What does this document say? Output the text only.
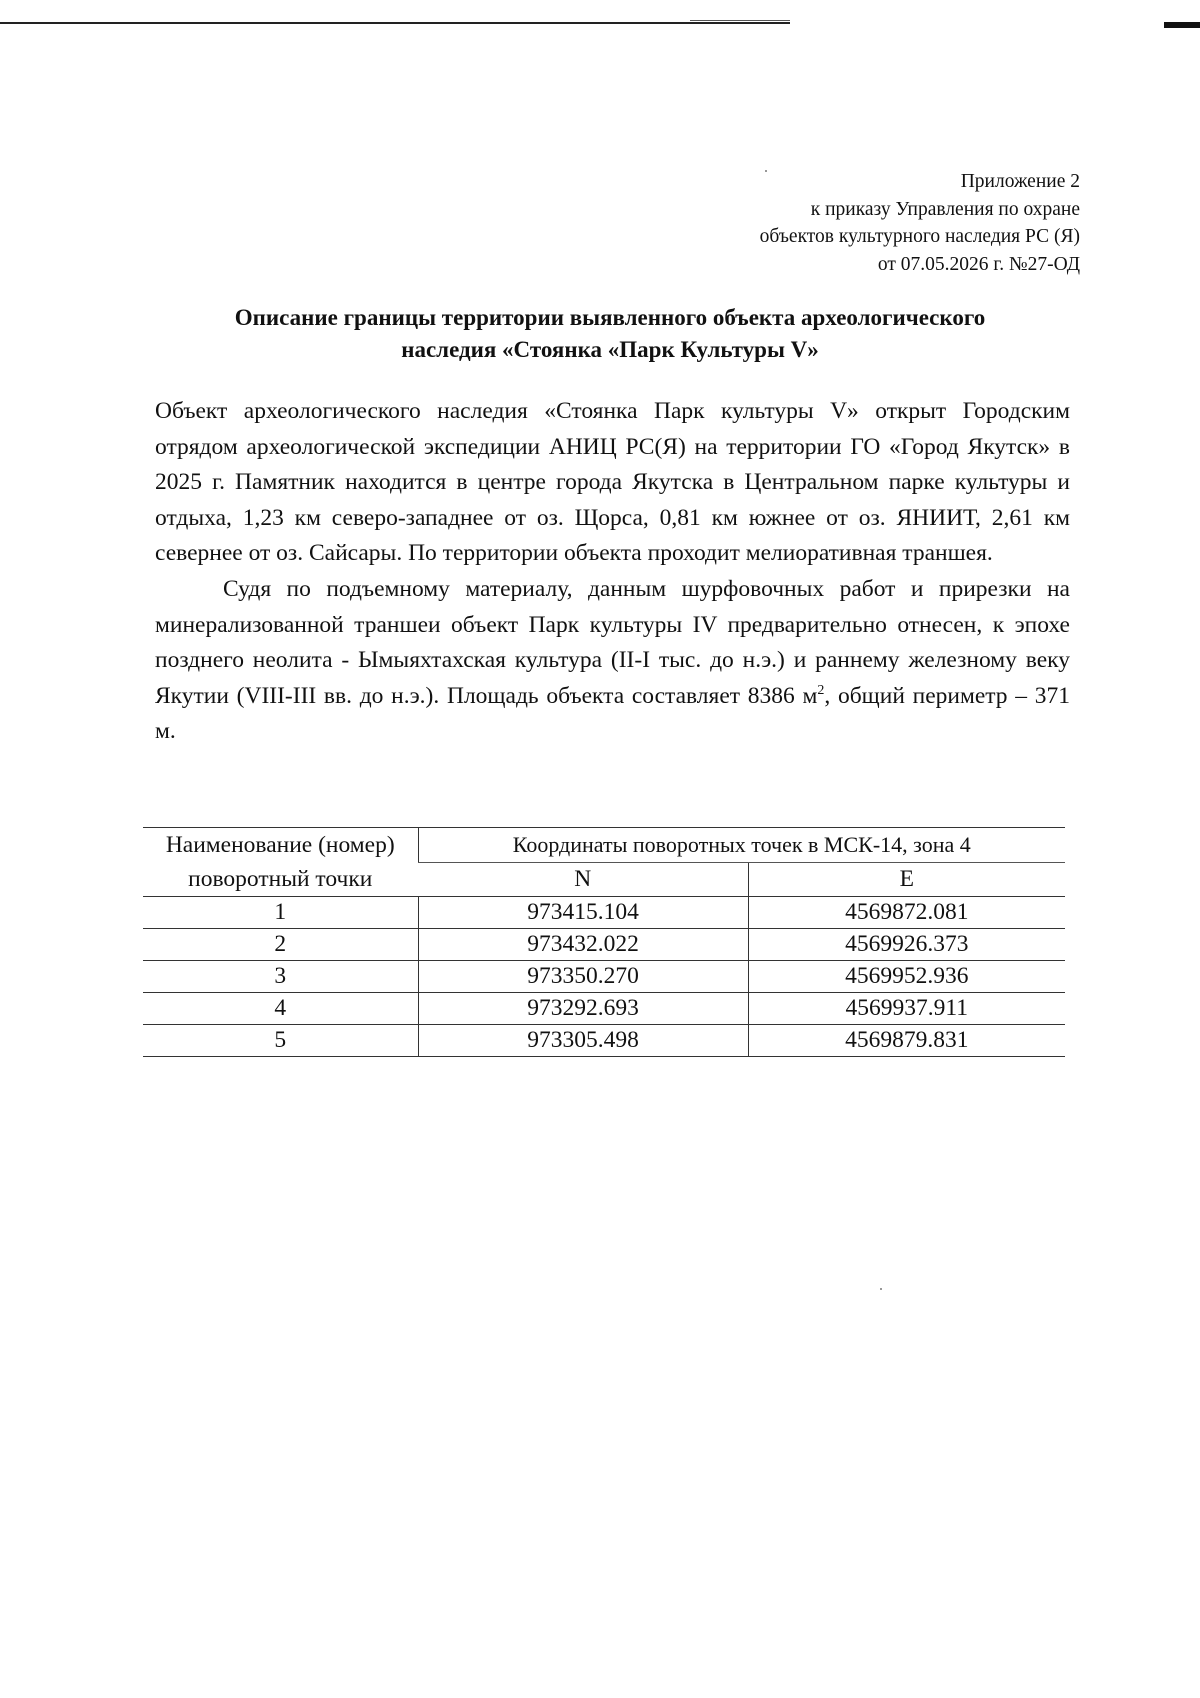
Приложение 2
к приказу Управления по охране
объектов культурного наследия РС (Я)
от 07.05.2026 г. №27-ОД
Описание границы территории выявленного объекта археологического
наследия «Стоянка «Парк Культуры V»

Объект археологического наследия «Стоянка Парк культуры V» открыт Городским отрядом археологической экспедиции АНИЦ РС(Я) на территории ГО «Город Якутск» в 2025 г. Памятник находится в центре города Якутска в Центральном парке культуры и отдыха, 1,23 км северо-западнее от оз. Щорса, 0,81 км южнее от оз. ЯНИИТ, 2,61 км севернее от оз. Сайсары. По территории объекта проходит мелиоративная траншея.

Судя по подъемному материалу, данным шурфовочных работ и прирезки на минерализованной траншеи объект Парк культуры IV предварительно отнесен, к эпохе позднего неолита - Ымыяхтахская культура (II-I тыс. до н.э.) и раннему железному веку Якутии (VIII-III вв. до н.э.). Площадь объекта составляет 8386 $м^2$, общий периметр – 371 м.

Наименование (номер)
поворотный точки	Координаты поворотных точек в МСК-14, зона 4	
	N	E
1	973415.104	4569872.081
2	973432.022	4569926.373
3	973350.270	4569952.936
4	973292.693	4569937.911
5	973305.498	4569879.831
